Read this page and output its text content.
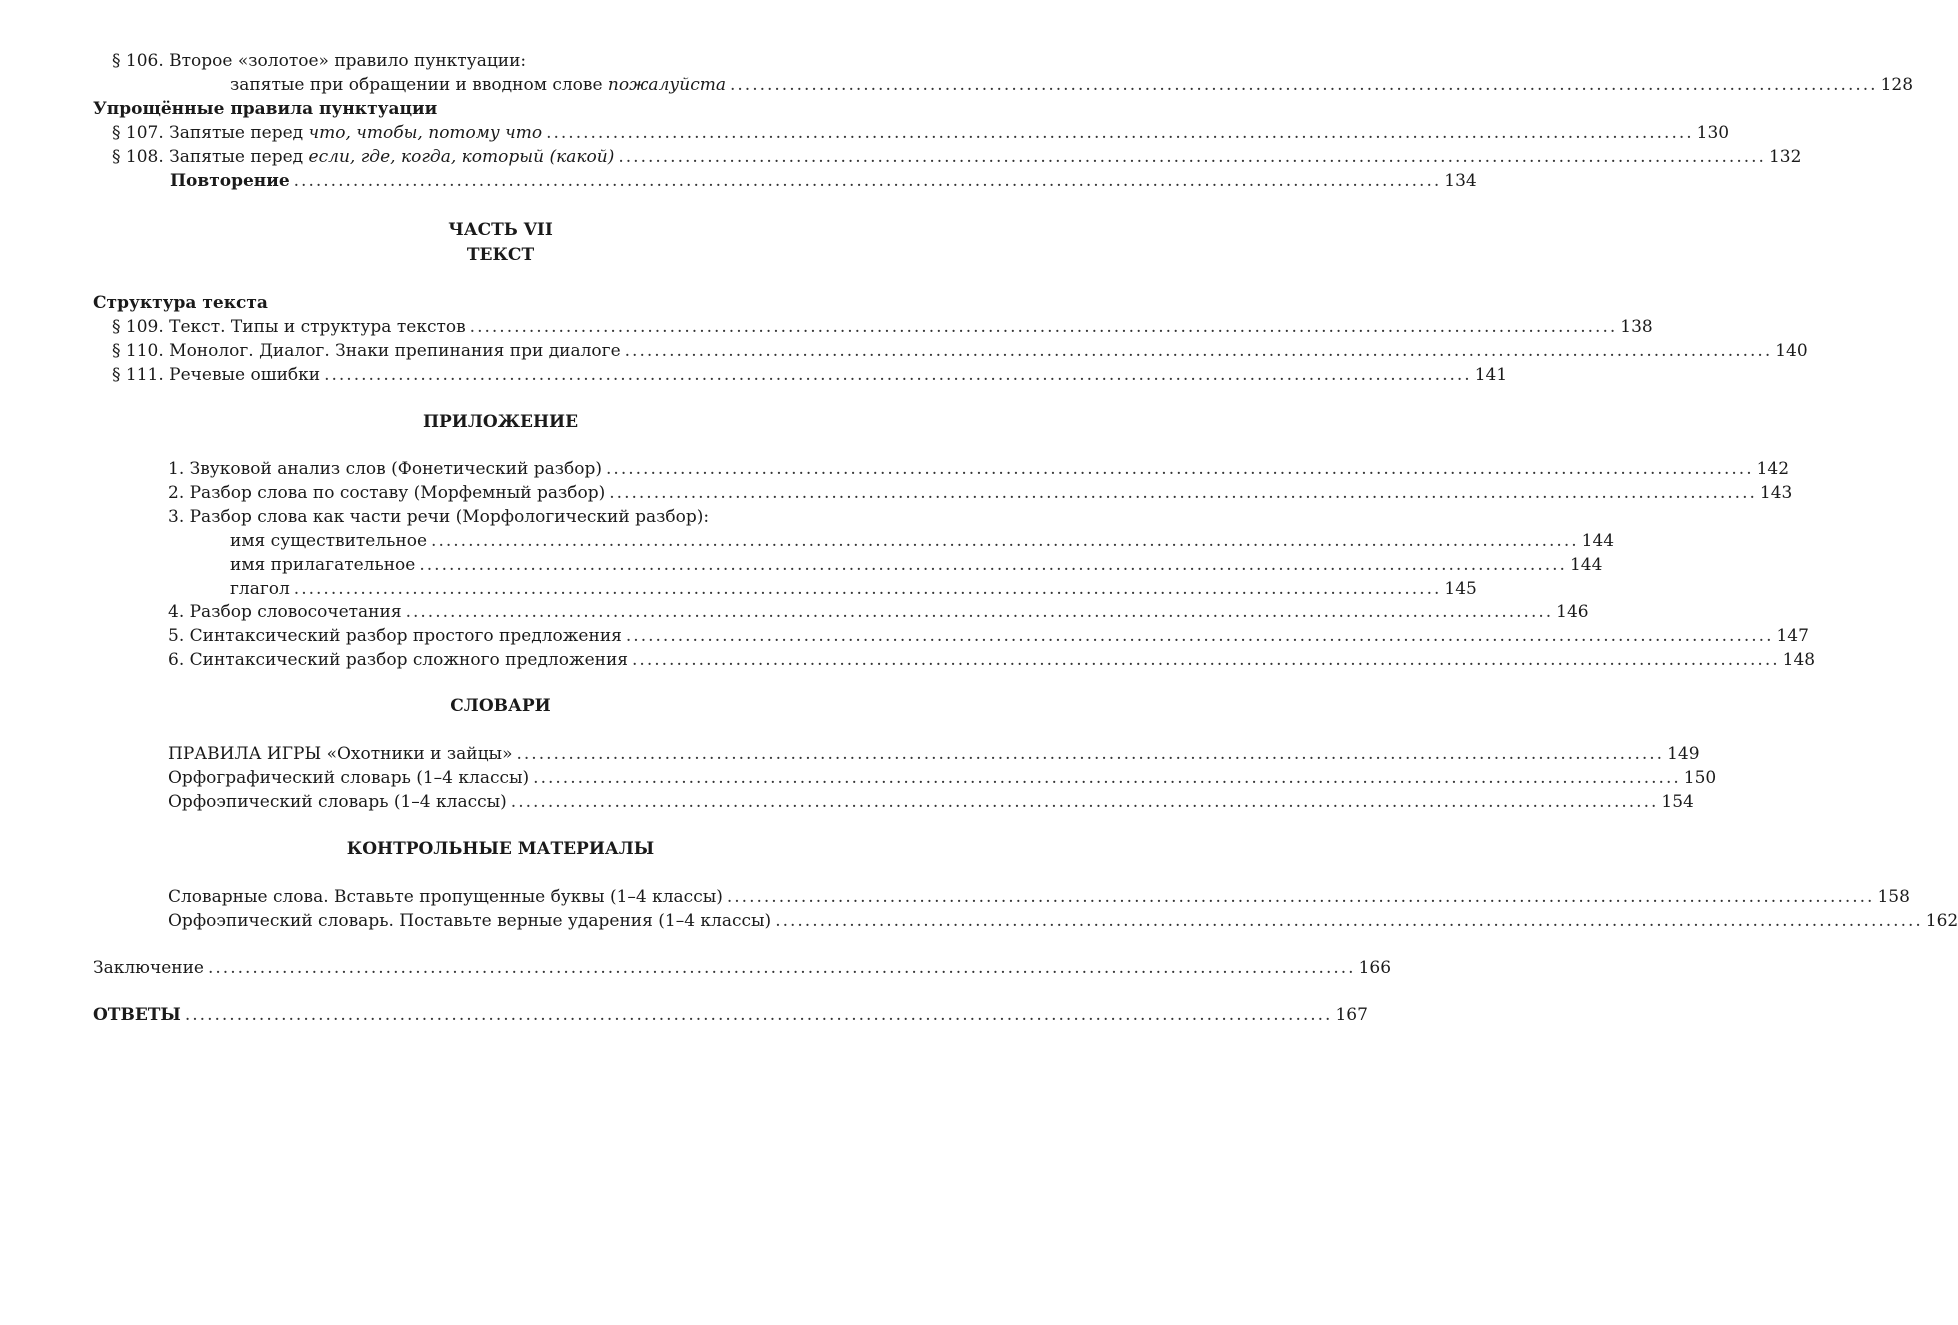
§ 106. Второе «золотое» правило пунктуации:
запятые при обращении и вводном слове пожалуйста .....	128
Упрощённые правила пунктуации
§ 107. Запятые перед что, чтобы, потому что .....	130
§ 108. Запятые перед если, где, когда, который (какой) .....	132
Повторение .....	134
ЧАСТЬ VII
ТЕКСТ
Структура текста
§ 109. Текст. Типы и структура текстов .....	138
§ 110. Монолог. Диалог. Знаки препинания при диалоге .....	140
§ 111. Речевые ошибки .....	141
ПРИЛОЖЕНИЕ
1. Звуковой анализ слов (Фонетический разбор) .....	142
2. Разбор слова по составу (Морфемный разбор) .....	143
3. Разбор слова как части речи (Морфологический разбор):
имя существительное .....	144
имя прилагательное .....	144
глагол .....	145
4. Разбор словосочетания .....	146
5. Синтаксический разбор простого предложения .....	147
6. Синтаксический разбор сложного предложения .....	148
СЛОВАРИ
ПРАВИЛА ИГРЫ «Охотники и зайцы» .....	149
Орфографический словарь (1–4 классы) .....	150
Орфоэпический словарь (1–4 классы) .....	154
КОНТРОЛЬНЫЕ МАТЕРИАЛЫ
Словарные слова. Вставьте пропущенные буквы (1–4 классы) .....	158
Орфоэпический словарь. Поставьте верные ударения (1–4 классы) .....	162
Заключение .....	166
ОТВЕТЫ .....	167
